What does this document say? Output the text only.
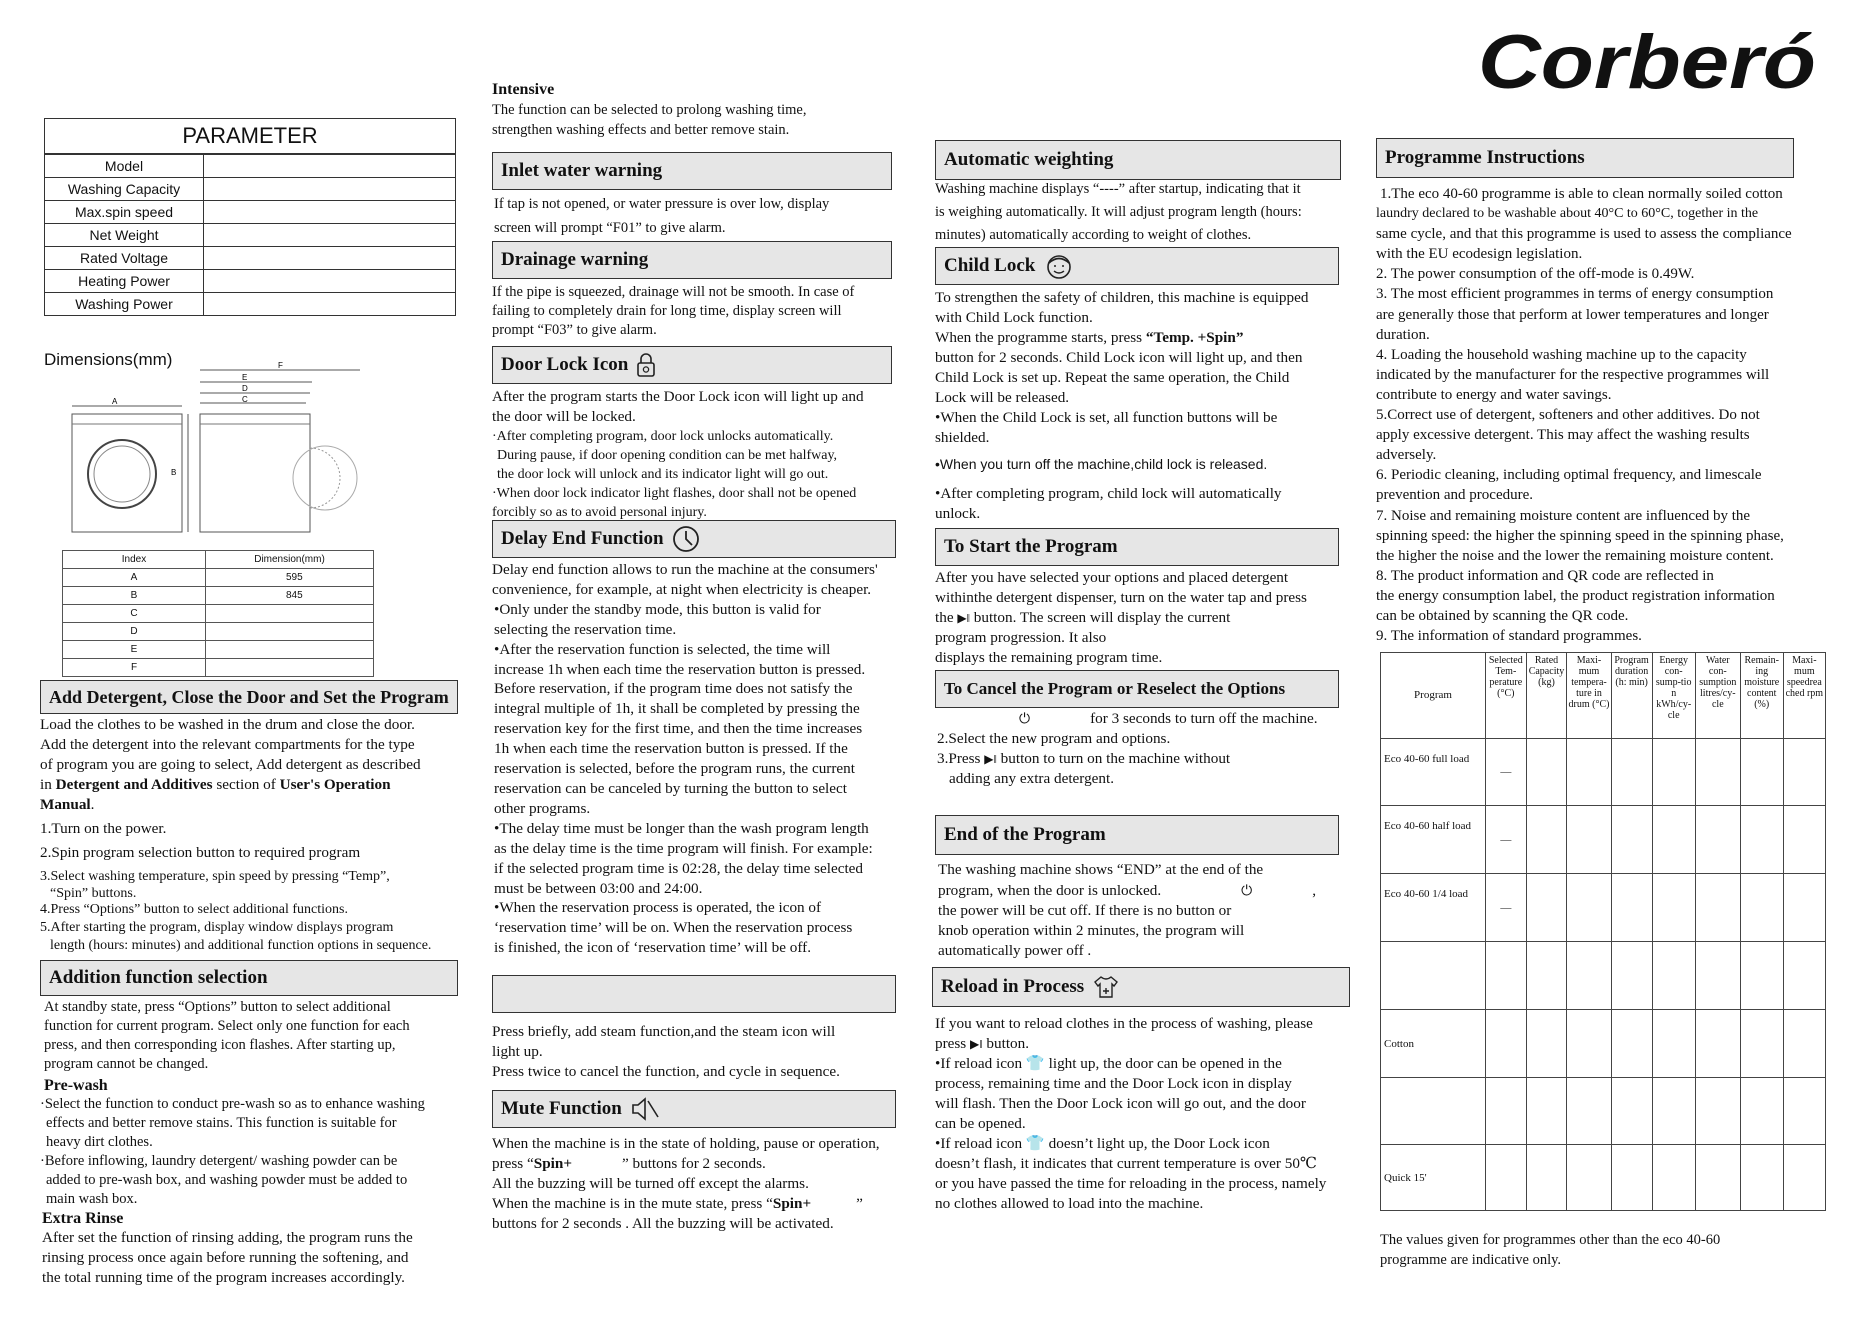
Corberó
PARAMETER
Model	
Washing Capacity	
Max.spin speed	
Net Weight	
Rated Voltage	
Heating Power	
Washing Power	
Dimensions(mm)
A
B
F
E
D
C
Index	Dimension(mm)
A	595
B	845
C	
D	
E	
F	
Add Detergent, Close the Door and Set the Program

Load the clothes to be washed in the drum and close the door.

Add the detergent into the relevant compartments for the type

of program you are going to select, Add detergent as described

in Detergent and Additives section of User's Operation

Manual.

1.Turn on the power.

2.Spin program selection button to required program

3.Select washing temperature, spin speed by pressing “Temp”,

“Spin” buttons.

4.Press “Options” button to select additional functions.

5.After starting the program, display window displays program

length (hours: minutes) and additional function options in sequence.

Addition function selection

At standby state, press “Options” button to select additional

function for current program. Select only one function for each

press, and then corresponding icon flashes. After starting up,

program cannot be changed.

Pre-wash

·Select the function to conduct pre-wash so as to enhance washing

effects and better remove stains. This function is suitable for

heavy dirt clothes.

·Before inflowing, laundry detergent/ washing powder can be

added to pre-wash box, and washing powder must be added to

main wash box.

Extra Rinse

After set the function of rinsing adding, the program runs the

rinsing process once again before running the softening, and

the total running time of the program increases accordingly.

Intensive

The function can be selected to prolong washing time,

strengthen washing effects and better remove stain.

Inlet water warning

If tap is not opened, or water pressure is over low, display

screen will prompt “F01” to give alarm.

Drainage warning

If the pipe is squeezed, drainage will not be smooth. In case of

failing to completely drain for long time, display screen will

prompt “F03” to give alarm.

Door Lock Icon

After the program starts the Door Lock icon will light up and

the door will be locked.

·After completing program, door lock unlocks automatically.

During pause, if door opening condition can be met halfway,

the door lock will unlock and its indicator light will go out.

·When door lock indicator light flashes, door shall not be opened

forcibly so as to avoid personal injury.

Delay End Function

Delay end function allows to run the machine at the consumers'

convenience, for example, at night when electricity is cheaper.

•Only under the standby mode, this button is valid for

selecting the reservation time.

•After the reservation function is selected, the time will

increase 1h when each time the reservation button is pressed.

Before reservation, if the program time does not satisfy the

integral multiple of 1h, it shall be completed by pressing the

reservation key for the first time, and then the time increases

1h when each time the reservation button is pressed. If the

reservation is selected, before the program runs, the current

reservation can be canceled by turning the button to select

other programs.

•The delay time must be longer than the wash program length

as the delay time is the time program will finish. For example:

if the selected program time is 02:28, the delay time selected

must be between 03:00 and 24:00.

•When the reservation process is operated, the icon of

‘reservation time’ will be on. When the reservation process

is finished, the icon of ‘reservation time’ will be off.

Press briefly, add steam function,and the steam icon will

light up.

Press twice to cancel the function, and cycle in sequence.

Mute Function

When the machine is in the state of holding, pause or operation,

press “Spin+	” buttons for 2 seconds.

All the buzzing will be turned off except the alarms.

When the machine is in the mute state, press “Spin+	”

buttons for 2 seconds . All the buzzing will be activated.

Automatic weighting

Washing machine displays “----” after startup, indicating that it

is weighing automatically. It will adjust program length (hours:

minutes) automatically according to weight of clothes.

Child Lock

To strengthen the safety of children, this machine is equipped

with Child Lock function.

When the programme starts, press “Temp. +Spin”

button for 2 seconds. Child Lock icon will light up, and then

Child Lock is set up. Repeat the same operation, the Child

Lock will be released.

•When the Child Lock is set, all function buttons will be

shielded.

•When you turn off the machine,child lock is released.

•After completing program, child lock will automatically

unlock.

To Start the Program

After you have selected your options and placed detergent

withinthe detergent dispenser, turn on the water tap and press

the ▶‖ button. The screen will display the current

program progression. It also

displays the remaining program time.

To Cancel the Program or Reselect the Options

⏻	for 3 seconds to turn off the machine.

2.Select the new program and options.

3.Press ▶‖ button to turn on the machine without

adding any extra detergent.

End of the Program

The washing machine shows “END” at the end of the

program, when the door is unlocked.	⏻	,

the power will be cut off. If there is no button or

knob operation within 2 minutes, the program will

automatically power off .

Reload in Process

If you want to reload clothes in the process of washing, please

press ▶‖ button.

•If reload icon 👕 light up, the door can be opened in the

process, remaining time and the Door Lock icon in display

will flash. Then the Door Lock icon will go out, and the door

can be opened.

•If reload icon 👕 doesn’t light up, the Door Lock icon

doesn’t flash, it indicates that current temperature is over 50℃

or you have passed the time for reloading in the process, namely

no clothes allowed to load into the machine.

Programme Instructions

1.The eco 40-60 programme is able to clean normally soiled cotton

laundry declared to be washable about 40°C to 60°C, together in the

same cycle, and that this programme is used to assess the compliance

with the EU ecodesign legislation.

2. The power consumption of the off-mode is 0.49W.

3. The most efficient programmes in terms of energy consumption

are generally those that perform at lower temperatures and longer

duration.

4. Loading the household washing machine up to the capacity

indicated by the manufacturer for the respective programmes will

contribute to energy and water savings.

5.Correct use of detergent, softeners and other additives. Do not

apply excessive detergent. This may affect the washing results

adversely.

6. Periodic cleaning, including optimal frequency, and limescale

prevention and procedure.

7. Noise and remaining moisture content are influenced by the

spinning speed: the higher the spinning speed in the spinning phase,

the higher the noise and the lower the remaining moisture content.

8. The product information and QR code are reflected in

the energy consumption label, the product registration information

can be obtained by scanning the QR code.

9. The information of standard programmes.

Program	Selected Tem- perature (°C)	Rated Capacity (kg)	Maxi- mum tempera- ture in drum (°C)	Program duration (h: min)	Energy con- sump-tio n kWh/cy- cle	Water con- sumption litres/cy- cle	Remain- ing moisture content (%)	Maxi- mum speedrea ched rpm
Eco 40-60 full load	—							
Eco 40-60 half load	—							
Eco 40-60 1/4 load	—							

Cotton								

Quick 15'								

The values given for programmes other than the eco 40-60

programme are indicative only.
